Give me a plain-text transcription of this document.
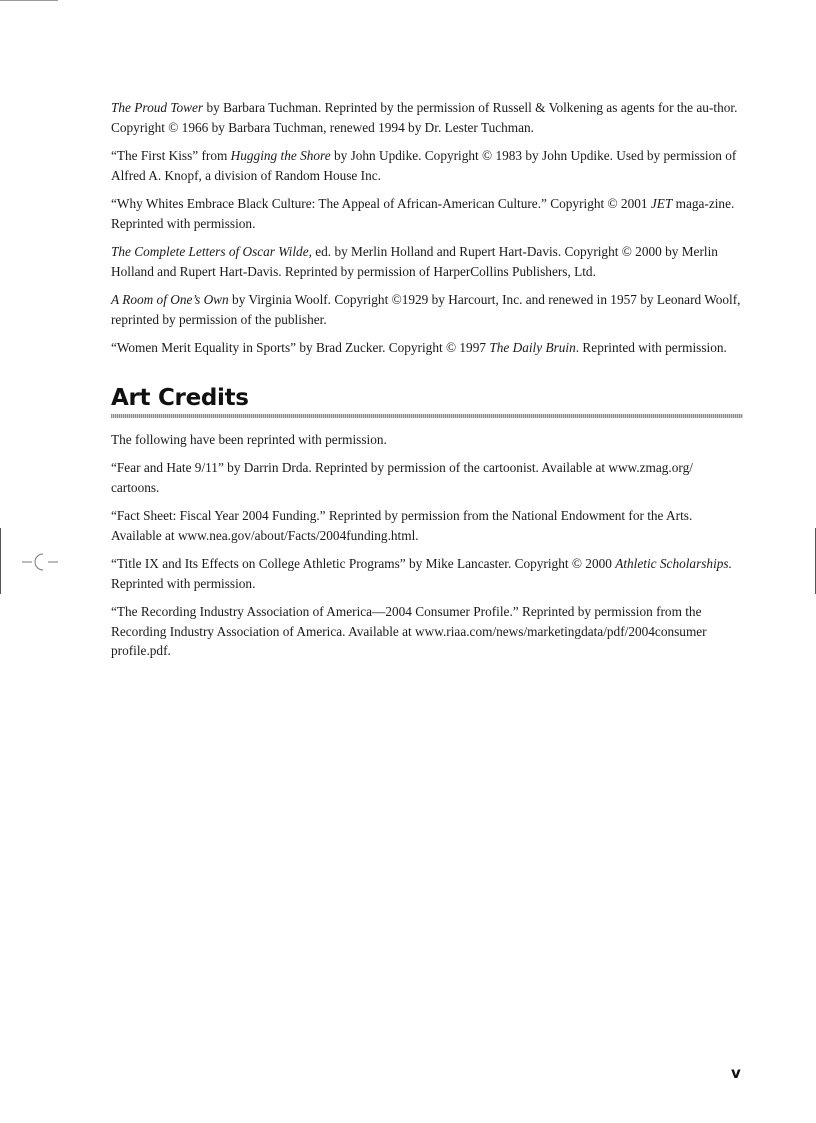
The Proud Tower by Barbara Tuchman. Reprinted by the permission of Russell & Volkening as agents for the au-thor. Copyright © 1966 by Barbara Tuchman, renewed 1994 by Dr. Lester Tuchman.

“The First Kiss” from Hugging the Shore by John Updike. Copyright © 1983 by John Updike. Used by permission of Alfred A. Knopf, a division of Random House Inc.

“Why Whites Embrace Black Culture: The Appeal of African-American Culture.” Copyright © 2001 JET maga-zine. Reprinted with permission.

The Complete Letters of Oscar Wilde, ed. by Merlin Holland and Rupert Hart-Davis. Copyright © 2000 by Merlin Holland and Rupert Hart-Davis. Reprinted by permission of HarperCollins Publishers, Ltd.

A Room of One’s Own by Virginia Woolf. Copyright ©1929 by Harcourt, Inc. and renewed in 1957 by Leonard Woolf, reprinted by permission of the publisher.

“Women Merit Equality in Sports” by Brad Zucker. Copyright © 1997 The Daily Bruin. Reprinted with permission.

Art Credits

The following have been reprinted with permission.

“Fear and Hate 9/11” by Darrin Drda. Reprinted by permission of the cartoonist. Available at www.zmag.org/ cartoons.

“Fact Sheet: Fiscal Year 2004 Funding.” Reprinted by permission from the National Endowment for the Arts. Available at www.nea.gov/about/Facts/2004funding.html.

“Title IX and Its Effects on College Athletic Programs” by Mike Lancaster. Copyright © 2000 Athletic Scholarships. Reprinted with permission.

“The Recording Industry Association of America—2004 Consumer Profile.” Reprinted by permission from the Recording Industry Association of America. Available at www.riaa.com/news/marketingdata/pdf/2004consumer profile.pdf.

v
